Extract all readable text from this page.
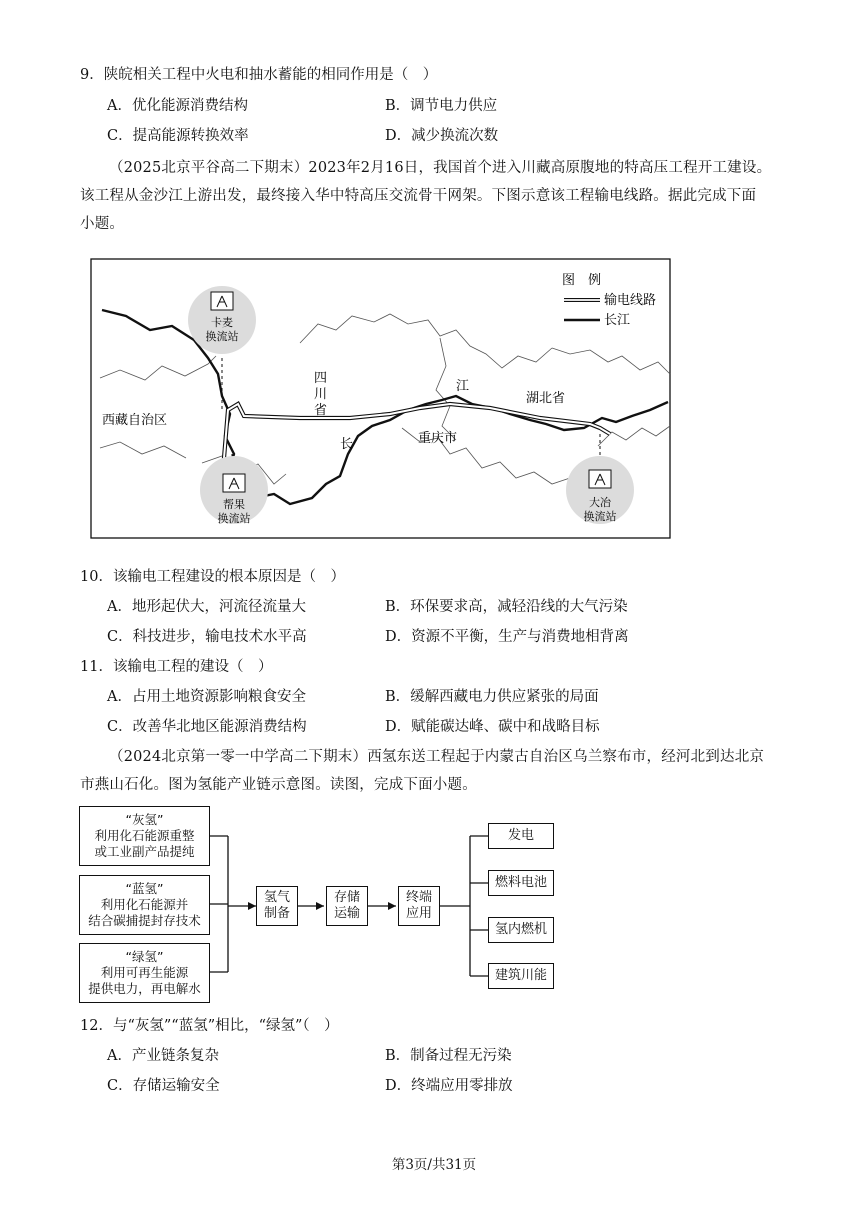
9．陕皖相关工程中火电和抽水蓄能的相同作用是（　）
A．优化能源消费结构	B．调节电力供应
C．提高能源转换效率	D．减少换流次数
（2025北京平谷高二下期末）2023年2月16日，我国首个进入川藏高原腹地的特高压工程开工建设。
该工程从金沙江上游出发，最终接入华中特高压交流骨干网架。下图示意该工程输电线路。据此完成下面
小题。
卡麦
换流站
帮果
换流站
大冶
换流站
西藏自治区
四
川
省
湖北省
重庆市
江
长
图　例
输电线路
长江
10．该输电工程建设的根本原因是（　）
A．地形起伏大，河流径流量大	B．环保要求高，减轻沿线的大气污染
C．科技进步，输电技术水平高	D．资源不平衡，生产与消费地相背离
11．该输电工程的建设（　）
A．占用土地资源影响粮食安全	B．缓解西藏电力供应紧张的局面
C．改善华北地区能源消费结构	D．赋能碳达峰、碳中和战略目标
（2024北京第一零一中学高二下期末）西氢东送工程起于内蒙古自治区乌兰察布市，经河北到达北京
市燕山石化。图为氢能产业链示意图。读图，完成下面小题。
“灰氢”
利用化石能源重整
或工业副产品提纯
“蓝氢”
利用化石能源并
结合碳捕提封存技术
“绿氢”
利用可再生能源
提供电力，再电解水
氢气
制备
存储
运输
终端
应用
发电
燃料电池
氢内燃机
建筑川能
12．与“灰氢”“蓝氢”相比，“绿氢”（　）
A．产业链条复杂	B．制备过程无污染
C．存储运输安全	D．终端应用零排放
第3页/共31页
